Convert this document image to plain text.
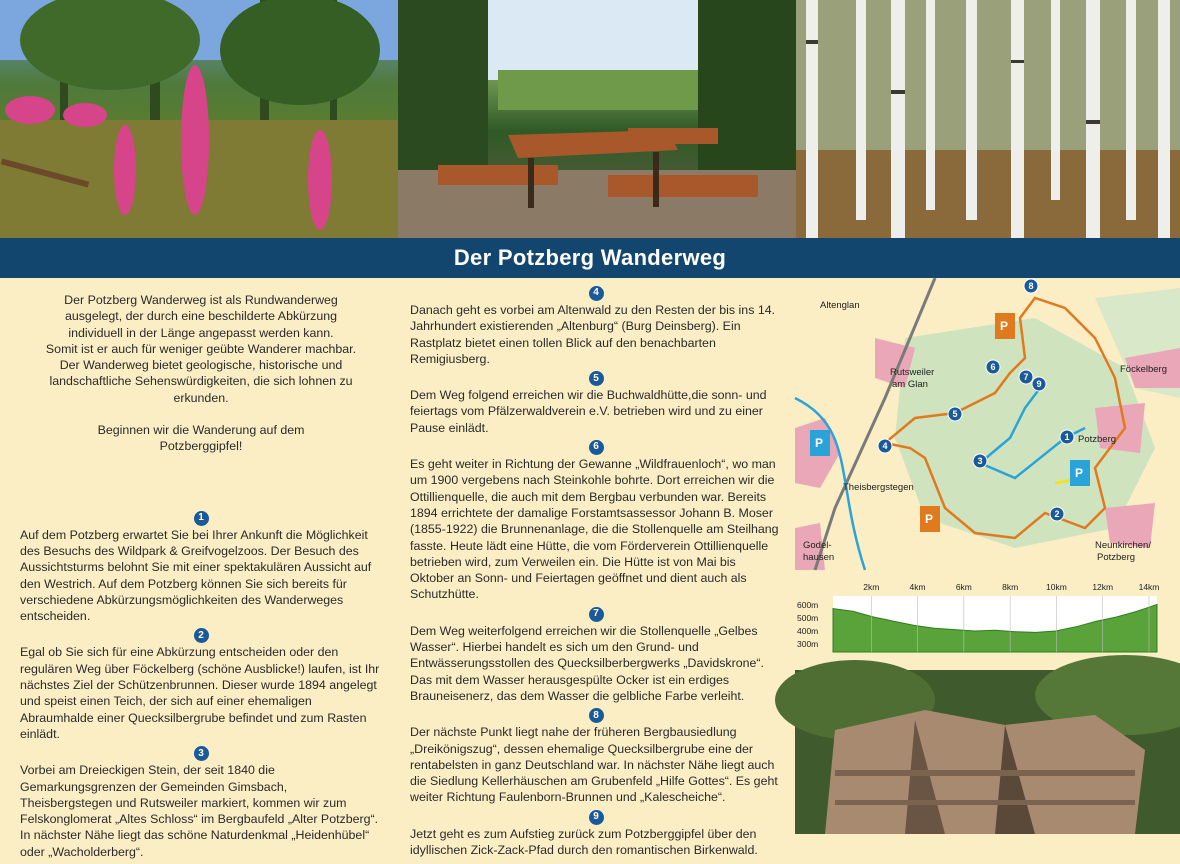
Der Potzberg Wanderweg

Der Potzberg Wanderweg ist als Rundwanderweg

ausgelegt, der durch eine beschilderte Abkürzung

individuell in der Länge angepasst werden kann.

Somit ist er auch für weniger geübte Wanderer machbar.

Der Wanderweg bietet geologische, historische und

landschaftliche Sehenswürdigkeiten, die sich lohnen zu

erkunden.

Beginnen wir die Wanderung auf dem

Potzberggipfel!

1

Auf dem Potzberg erwartet Sie bei Ihrer Ankunft die Möglichkeit des Besuchs des Wildpark & Greifvogelzoos. Der Besuch des Aussichtsturms belohnt Sie mit einer spektakulären Aussicht auf den Westrich. Auf dem Potzberg können Sie sich bereits für verschiedene Abkürzungsmöglichkeiten des Wanderweges entscheiden.

2

Egal ob Sie sich für eine Abkürzung entscheiden oder den regulären Weg über Föckelberg (schöne Ausblicke!) laufen, ist Ihr nächstes Ziel der Schützenbrunnen. Dieser wurde 1894 angelegt und speist einen Teich, der sich auf einer ehemaligen Abraumhalde einer Quecksilbergrube befindet und zum Rasten einlädt.

3

Vorbei am Dreieckigen Stein, der seit 1840 die Gemarkungsgrenzen der Gemeinden Gimsbach, Theisbergstegen und Rutsweiler markiert, kommen wir zum Felskonglomerat „Altes Schloss“ im Bergbaufeld „Alter Potzberg“. In nächster Nähe liegt das schöne Naturdenkmal „Heidenhübel“ oder „Wacholderberg“.

4

Danach geht es vorbei am Altenwald zu den Resten der bis ins 14. Jahrhundert existierenden „Altenburg“ (Burg Deinsberg). Ein Rastplatz bietet einen tollen Blick auf den benachbarten Remigiusberg.

5

Dem Weg folgend erreichen wir die Buchwaldhütte,die sonn- und feiertags vom Pfälzerwaldverein e.V. betrieben wird und zu einer Pause einlädt.

6

Es geht weiter in Richtung der Gewanne „Wildfrauenloch“, wo man um 1900 vergebens nach Steinkohle bohrte. Dort erreichen wir die Ottillienquelle, die auch mit dem Bergbau verbunden war. Bereits 1894 errichtete der damalige Forstamtsassessor Johann B. Moser (1855-1922) die Brunnenanlage, die die Stollenquelle am Steilhang fasste. Heute lädt eine Hütte, die vom Förderverein Ottillienquelle betrieben wird, zum Verweilen ein. Die Hütte ist von Mai bis Oktober an Sonn- und Feiertagen geöffnet und dient auch als Schutzhütte.

7

Dem Weg weiterfolgend erreichen wir die Stollenquelle „Gelbes Wasser“. Hierbei handelt es sich um den Grund- und Entwässerungsstollen des Quecksilberbergwerks „Davidskrone“. Das mit dem Wasser herausgespülte Ocker ist ein erdiges Brauneisenerz, das dem Wasser die gelbliche Farbe verleiht.

8

Der nächste Punkt liegt nahe der früheren Bergbausiedlung „Dreikönigszug“, dessen ehemalige Quecksilbergrube eine der rentabelsten in ganz Deutschland war. In nächster Nähe liegt auch die Siedlung Kellerhäuschen am Grubenfeld „Hilfe Gottes“. Es geht weiter Richtung Faulenborn-Brunnen und „Kalescheiche“.

9

Jetzt geht es zum Aufstieg zurück zum Potzberggipfel über den idyllischen Zick-Zack-Pfad durch den romantischen Birkenwald.

Altenglan
Rutsweiler
am Glan
Föckelberg
Potzberg
Theisbergstegen
Godel-
hausen
Neunkirchen/
Potzberg
P
P
P
P
1
2
3
4
5
6
7
8
9
2km	4km	6km	8km	10km	12km	14km
600m
500m
400m
300m
